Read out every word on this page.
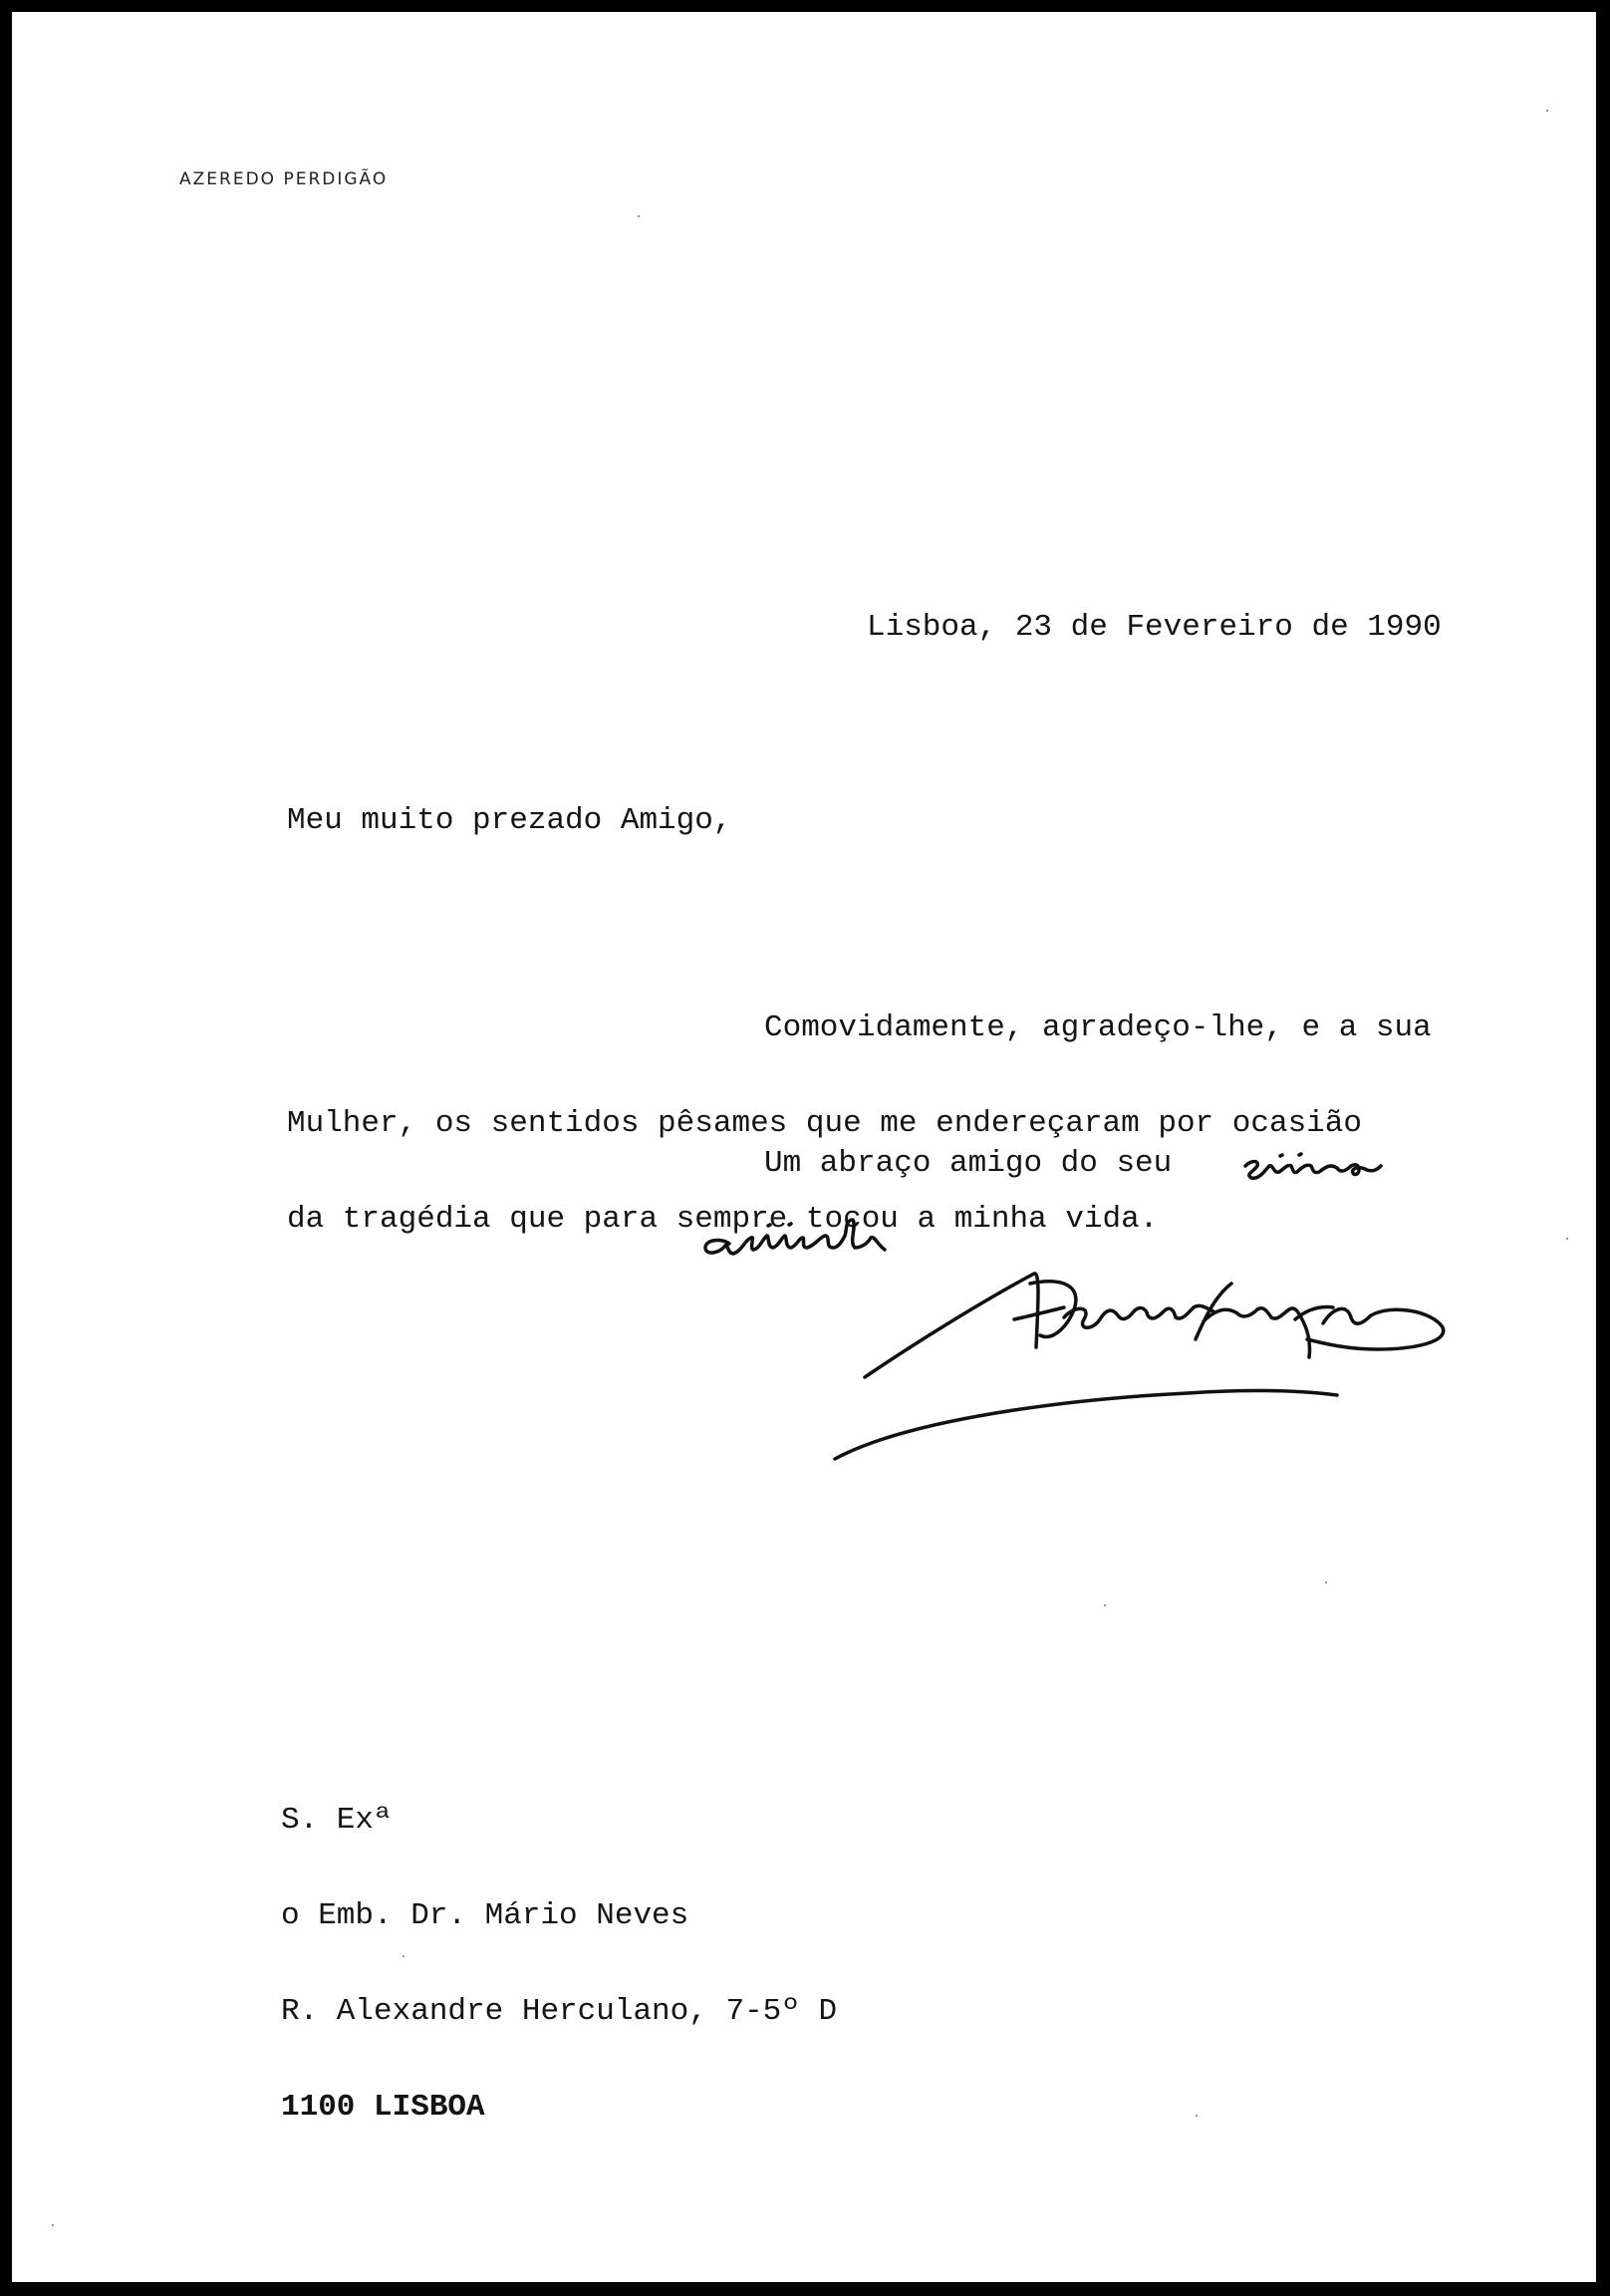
AZEREDO PERDIGÃO
Lisboa, 23 de Fevereiro de 1990
Meu muito prezado Amigo,

Comovidamente, agradeço-lhe, e a sua

Mulher, os sentidos pêsames que me endereçaram por ocasião

da tragédia que para sempre tocou a minha vida.

Um abraço amigo do seu

S. Exª

o Emb. Dr. Mário Neves

R. Alexandre Herculano, 7-5º D

1100 LISBOA
